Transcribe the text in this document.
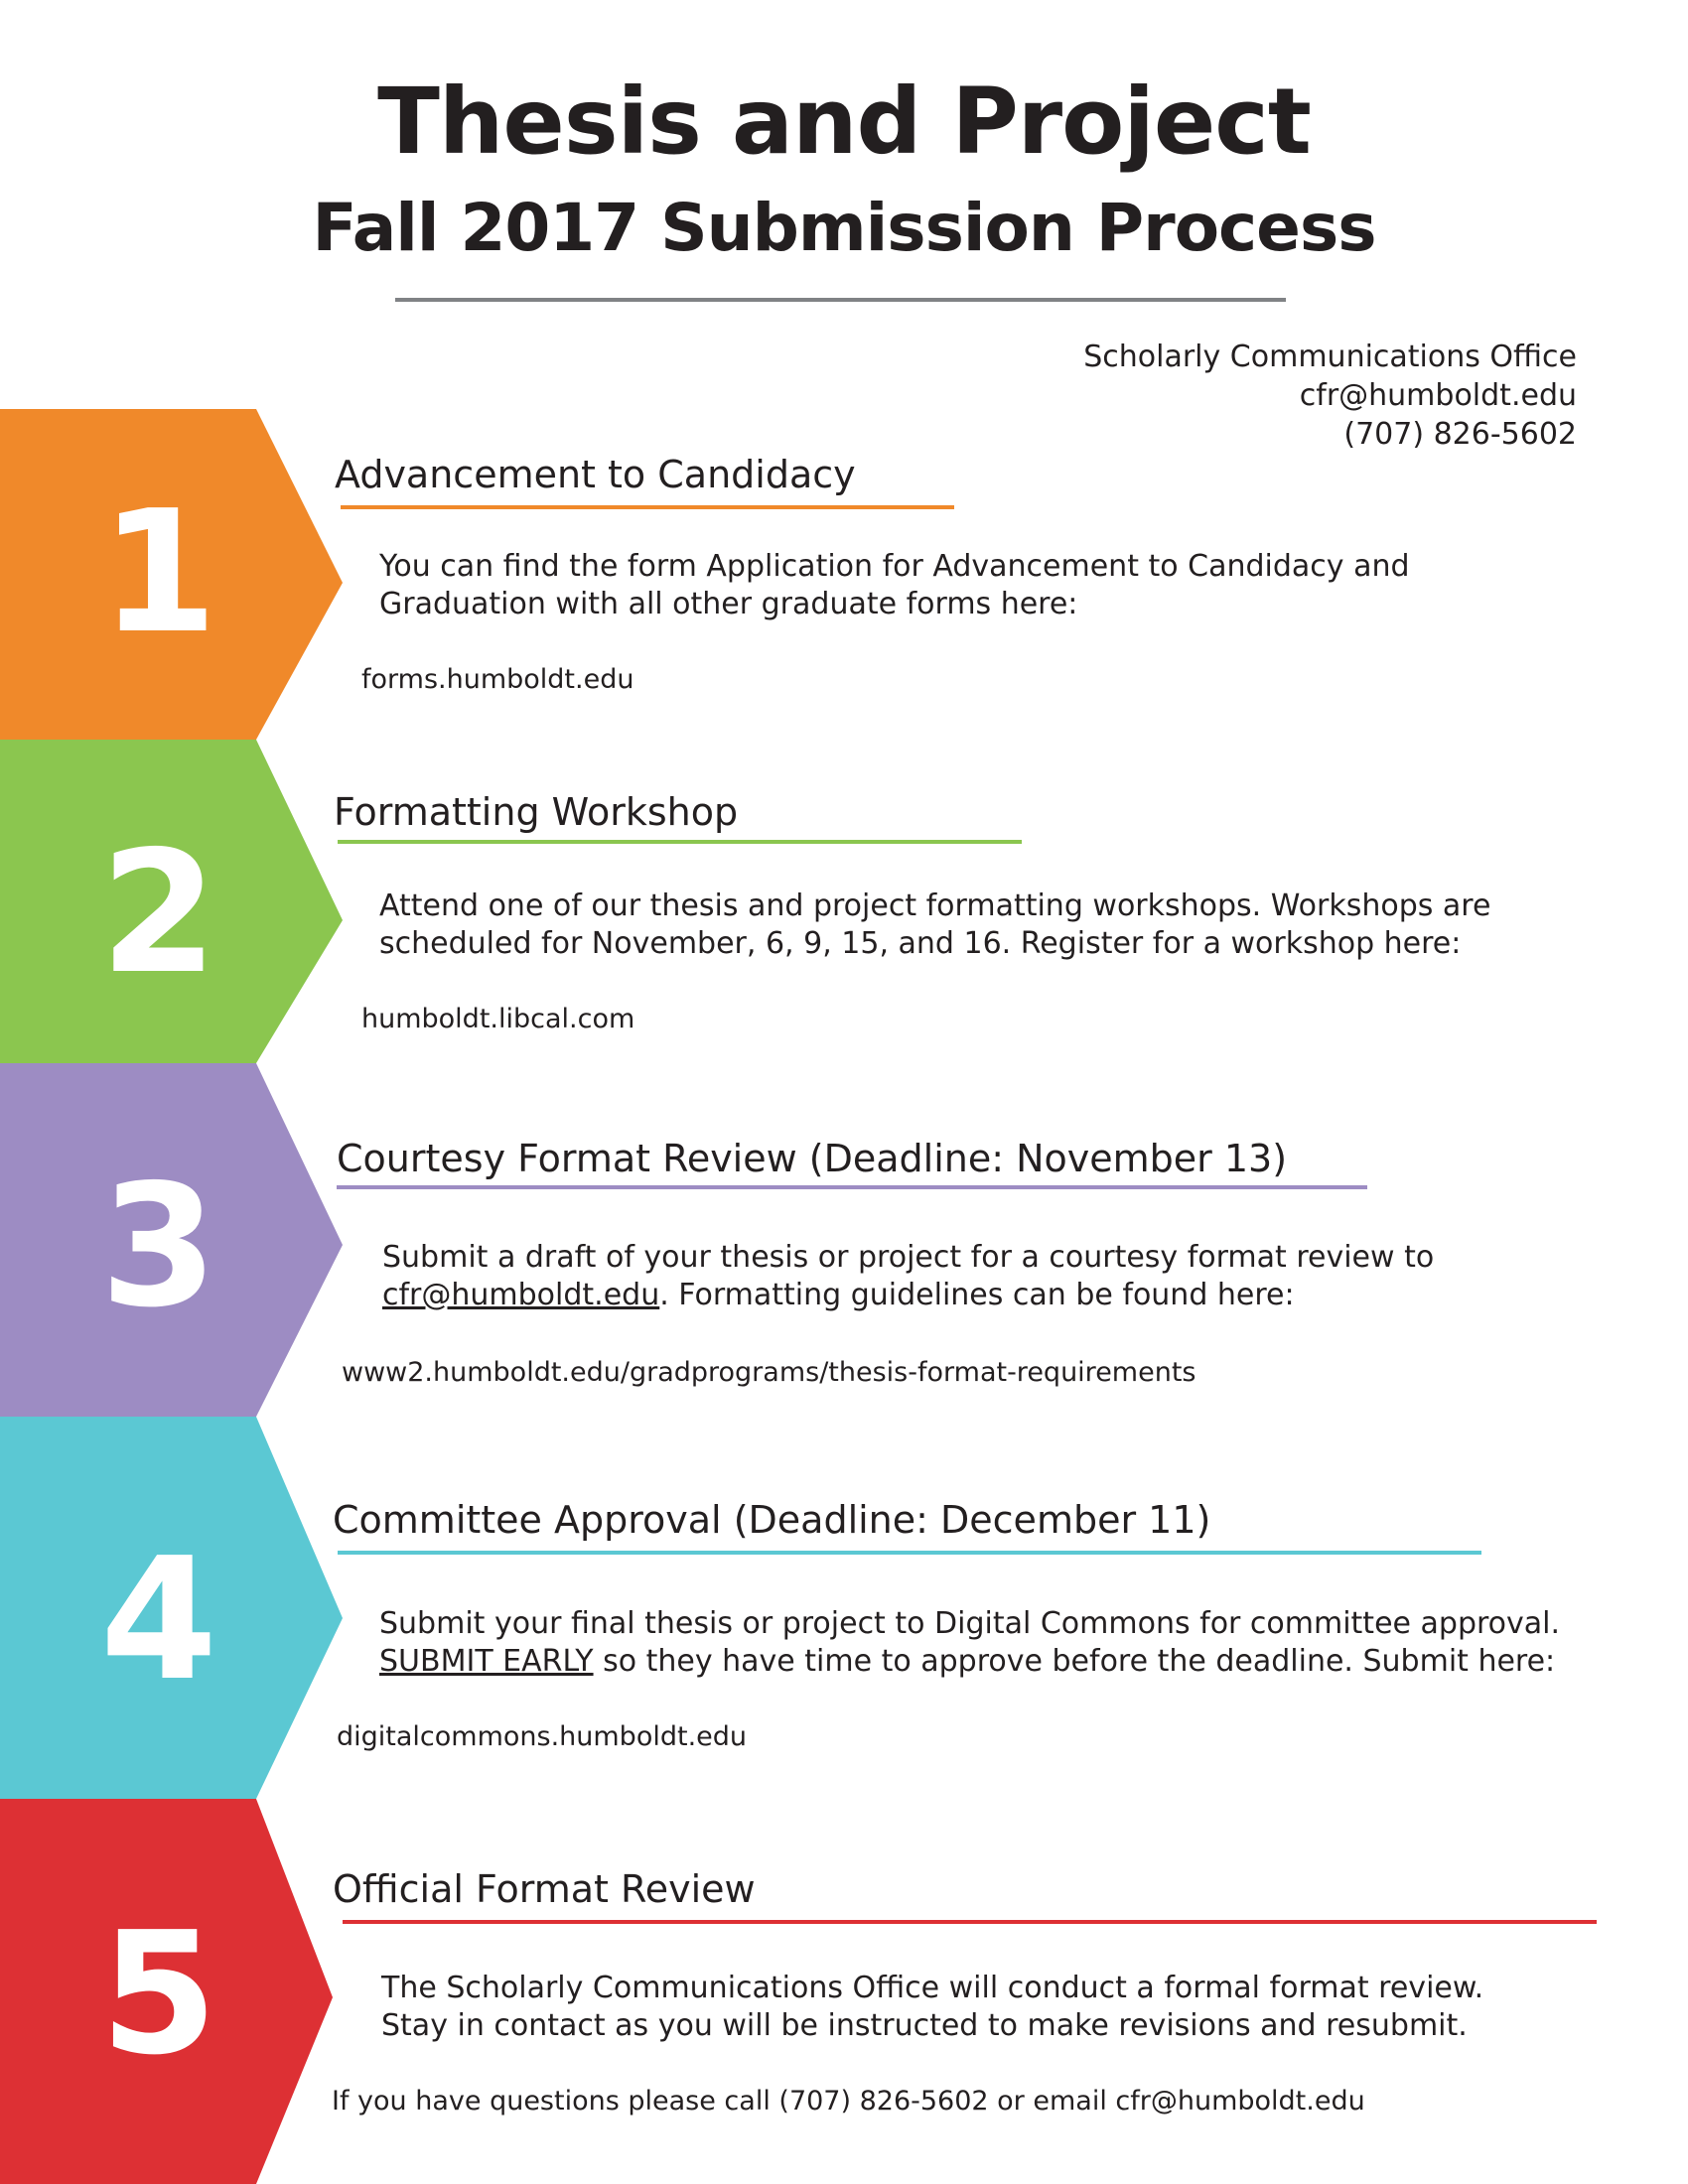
Thesis and Project
Fall 2017 Submission Process
Scholarly Communications Office
cfr@humboldt.edu
(707) 826-5602
1	Advancement to Candidacy
You can find the form Application for Advancement to Candidacy and
Graduation with all other graduate forms here:
forms.humboldt.edu
2
Formatting Workshop
Attend one of our thesis and project formatting workshops. Workshops are
scheduled for November, 6, 9, 15, and 16. Register for a workshop here:
humboldt.libcal.com
3	Courtesy Format Review (Deadline: November 13)
Submit a draft of your thesis or project for a courtesy format review to
cfr@humboldt.edu. Formatting guidelines can be found here:
www2.humboldt.edu/gradprograms/thesis-format-requirements
4
Committee Approval (Deadline: December 11)
Submit your final thesis or project to Digital Commons for committee approval.
SUBMIT EARLY so they have time to approve before the deadline. Submit here:
digitalcommons.humboldt.edu
5
Official Format Review
The Scholarly Communications Office will conduct a formal format review.
Stay in contact as you will be instructed to make revisions and resubmit.
If you have questions please call (707) 826-5602 or email cfr@humboldt.edu
